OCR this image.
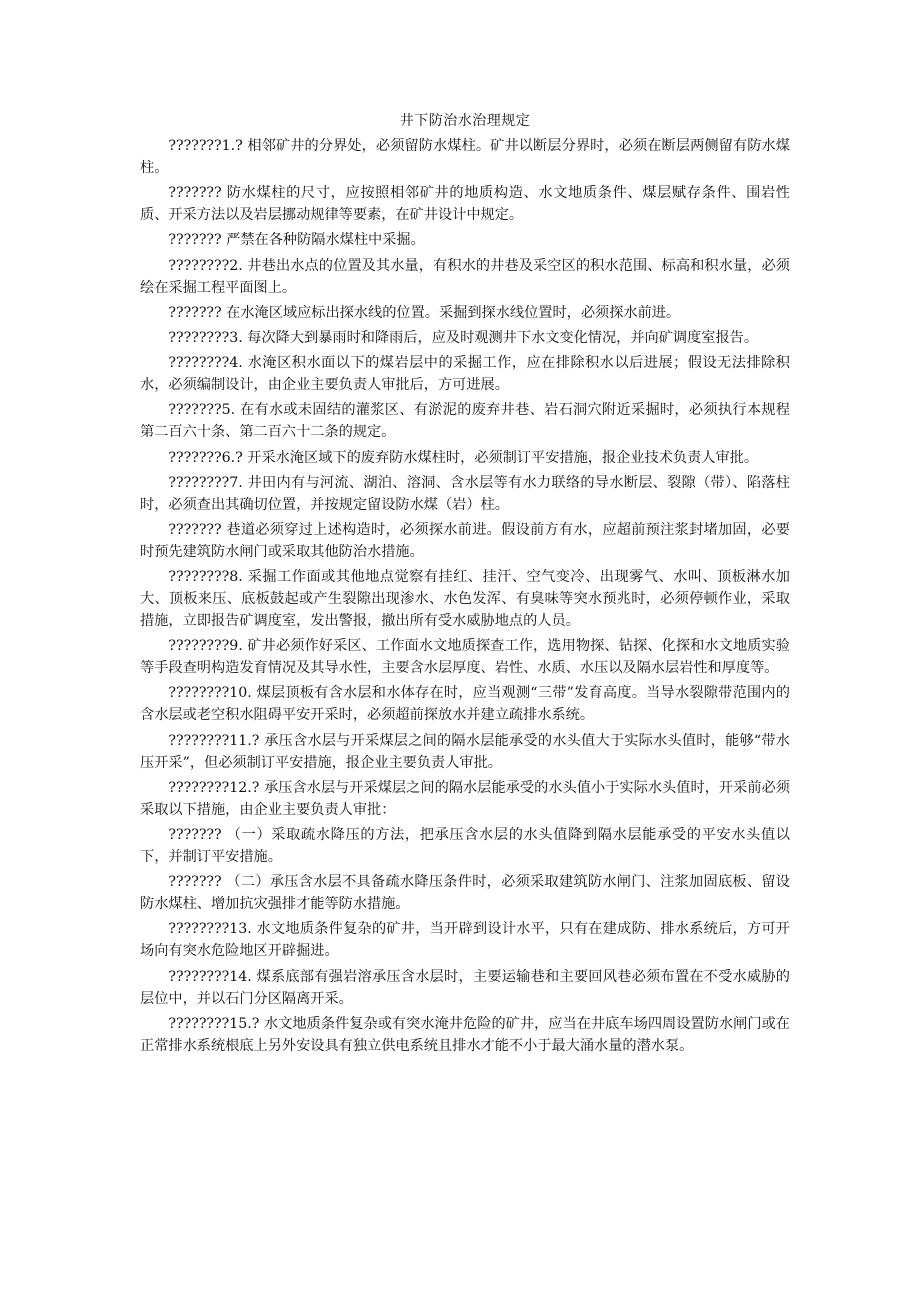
井下防治水治理规定

???????1.? 相邻矿井的分界处，必须留防水煤柱。矿井以断层分界时，必须在断层两侧留有防水煤柱。

??????? 防水煤柱的尺寸，应按照相邻矿井的地质构造、水文地质条件、煤层赋存条件、围岩性质、开采方法以及岩层挪动规律等要素，在矿井设计中规定。

??????? 严禁在各种防隔水煤柱中采掘。

????????2. 井巷出水点的位置及其水量，有积水的井巷及采空区的积水范围、标高和积水量，必须绘在采掘工程平面图上。

??????? 在水淹区域应标出探水线的位置。采掘到探水线位置时，必须探水前进。

????????3. 每次降大到暴雨时和降雨后，应及时观测井下水文变化情况，并向矿调度室报告。

????????4. 水淹区积水面以下的煤岩层中的采掘工作，应在排除积水以后进展；假设无法排除积水，必须编制设计，由企业主要负责人审批后，方可进展。

???????5. 在有水或未固结的灌浆区、有淤泥的废弃井巷、岩石洞穴附近采掘时，必须执行本规程第二百六十条、第二百六十二条的规定。

???????6.? 开采水淹区域下的废弃防水煤柱时，必须制订平安措施，报企业技术负责人审批。

????????7. 井田内有与河流、湖泊、溶洞、含水层等有水力联络的导水断层、裂隙（带）、陷落柱时，必须查出其确切位置，并按规定留设防水煤（岩）柱。

??????? 巷道必须穿过上述构造时，必须探水前进。假设前方有水，应超前预注浆封堵加固，必要时预先建筑防水闸门或采取其他防治水措施。

????????8. 采掘工作面或其他地点觉察有挂红、挂汗、空气变冷、出现雾气、水叫、顶板淋水加大、顶板来压、底板鼓起或产生裂隙出现渗水、水色发浑、有臭味等突水预兆时，必须停顿作业，采取措施，立即报告矿调度室，发出警报，撤出所有受水威胁地点的人员。

????????9. 矿井必须作好采区、工作面水文地质探查工作，选用物探、钻探、化探和水文地质实验等手段查明构造发育情况及其导水性，主要含水层厚度、岩性、水质、水压以及隔水层岩性和厚度等。

????????10. 煤层顶板有含水层和水体存在时，应当观测“三带”发育高度。当导水裂隙带范围内的含水层或老空积水阻碍平安开采时，必须超前探放水并建立疏排水系统。

????????11.? 承压含水层与开采煤层之间的隔水层能承受的水头值大于实际水头值时，能够“带水压开采”，但必须制订平安措施，报企业主要负责人审批。

????????12.? 承压含水层与开采煤层之间的隔水层能承受的水头值小于实际水头值时，开采前必须采取以下措施，由企业主要负责人审批：

??????? （一）采取疏水降压的方法，把承压含水层的水头值降到隔水层能承受的平安水头值以下，并制订平安措施。

??????? （二）承压含水层不具备疏水降压条件时，必须采取建筑防水闸门、注浆加固底板、留设防水煤柱、增加抗灾强排才能等防水措施。

????????13. 水文地质条件复杂的矿井，当开辟到设计水平，只有在建成防、排水系统后，方可开场向有突水危险地区开辟掘进。

????????14. 煤系底部有强岩溶承压含水层时，主要运输巷和主要回风巷必须布置在不受水威胁的层位中，并以石门分区隔离开采。

????????15.? 水文地质条件复杂或有突水淹井危险的矿井，应当在井底车场四周设置防水闸门或在正常排水系统根底上另外安设具有独立供电系统且排水才能不小于最大涌水量的潜水泵。
